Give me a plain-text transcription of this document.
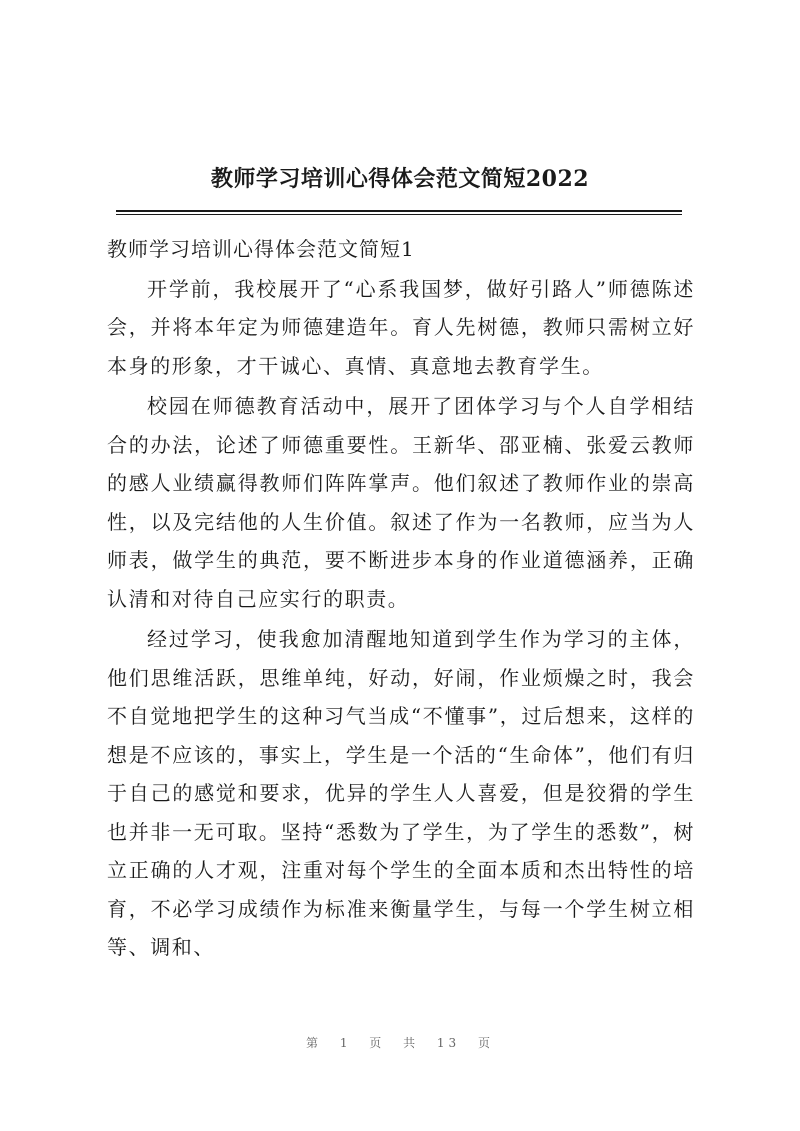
教师学习培训心得体会范文简短2022
教师学习培训心得体会范文简短1

开学前，我校展开了“心系我国梦，做好引路人”师德陈述会，并将本年定为师德建造年。育人先树德，教师只需树立好本身的形象，才干诚心、真情、真意地去教育学生。

校园在师德教育活动中，展开了团体学习与个人自学相结合的办法，论述了师德重要性。王新华、邵亚楠、张爱云教师的感人业绩赢得教师们阵阵掌声。他们叙述了教师作业的崇高性，以及完结他的人生价值。叙述了作为一名教师，应当为人师表，做学生的典范，要不断进步本身的作业道德涵养，正确认清和对待自己应实行的职责。

经过学习，使我愈加清醒地知道到学生作为学习的主体，他们思维活跃，思维单纯，好动，好闹，作业烦燥之时，我会不自觉地把学生的这种习气当成“不懂事”，过后想来，这样的想是不应该的，事实上，学生是一个活的“生命体”，他们有归于自己的感觉和要求，优异的学生人人喜爱，但是狡猾的学生也并非一无可取。坚持“悉数为了学生，为了学生的悉数”，树立正确的人才观，注重对每个学生的全面本质和杰出特性的培育，不必学习成绩作为标准来衡量学生，与每一个学生树立相等、调和、

第 1 页 共 13 页
